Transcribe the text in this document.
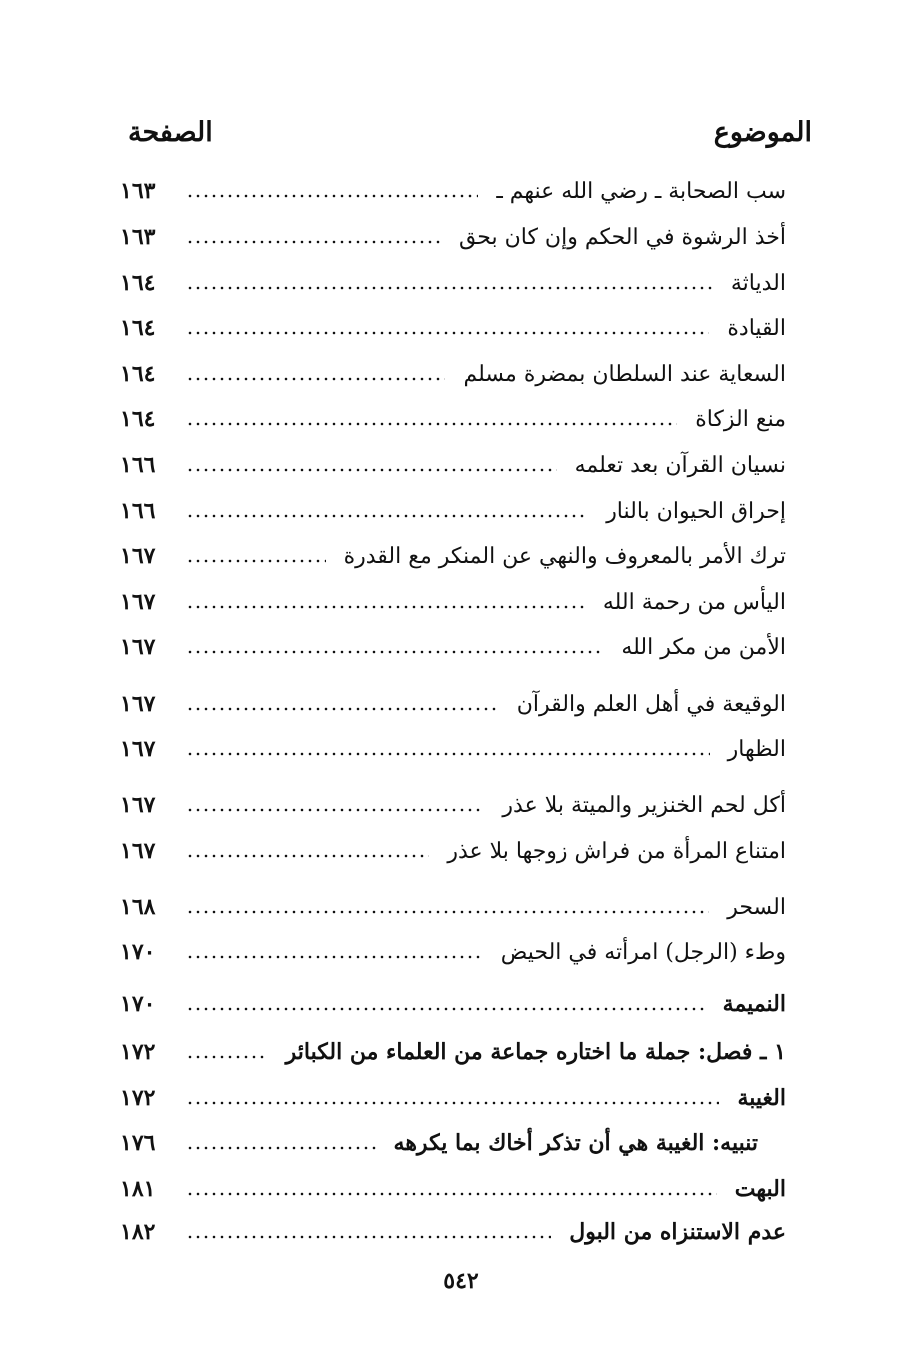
الموضوع
الصفحة
سب الصحابة ـ رضي الله عنهم ـ
١٦٣
أخذ الرشوة في الحكم وإن كان بحق
١٦٣
الدياثة
١٦٤
القيادة
١٦٤
السعاية عند السلطان بمضرة مسلم
١٦٤
منع الزكاة
١٦٤
نسيان القرآن بعد تعلمه
١٦٦
إحراق الحيوان بالنار
١٦٦
ترك الأمر بالمعروف والنهي عن المنكر مع القدرة
١٦٧
اليأس من رحمة الله
١٦٧
الأمن من مكر الله
١٦٧
الوقيعة في أهل العلم والقرآن
١٦٧
الظهار
١٦٧
أكل لحم الخنزير والميتة بلا عذر
١٦٧
امتناع المرأة من فراش زوجها بلا عذر
١٦٧
السحر
١٦٨
وطء (الرجل) امرأته في الحيض
١٧٠
النميمة
١٧٠
١ ـ فصل: جملة ما اختاره جماعة من العلماء من الكبائر
١٧٢
الغيبة
١٧٢
تنبيه: الغيبة هي أن تذكر أخاك بما يكرهه
١٧٦
البهت
١٨١
عدم الاستنزاه من البول
١٨٢
٥٤٢
